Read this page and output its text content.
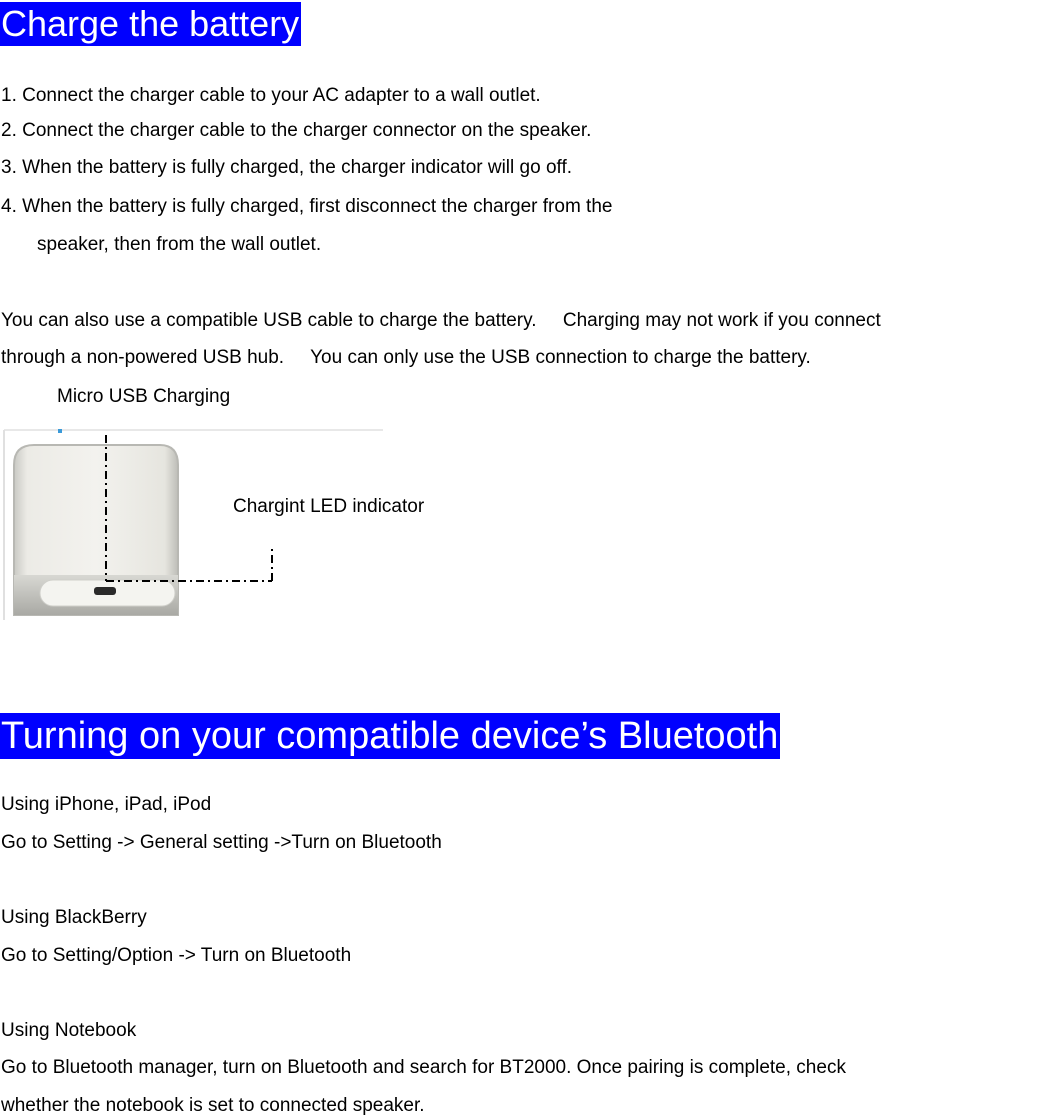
Charge the battery

1. Connect the charger cable to your AC adapter to a wall outlet.

2. Connect the charger cable to the charger connector on the speaker.

3. When the battery is fully charged, the charger indicator will go off.

4. When the battery is fully charged, first disconnect the charger from the

speaker, then from the wall outlet.

You can also use a compatible USB cable to charge the battery.     Charging may not work if you connect

through a non-powered USB hub.     You can only use the USB connection to charge the battery.

Micro USB Charging

Chargint LED indicator

Turning on your compatible device’s Bluetooth

Using iPhone, iPad, iPod

Go to Setting -> General setting ->Turn on Bluetooth

Using BlackBerry

Go to Setting/Option -> Turn on Bluetooth

Using Notebook

Go to Bluetooth manager, turn on Bluetooth and search for BT2000. Once pairing is complete, check

whether the notebook is set to connected speaker.
